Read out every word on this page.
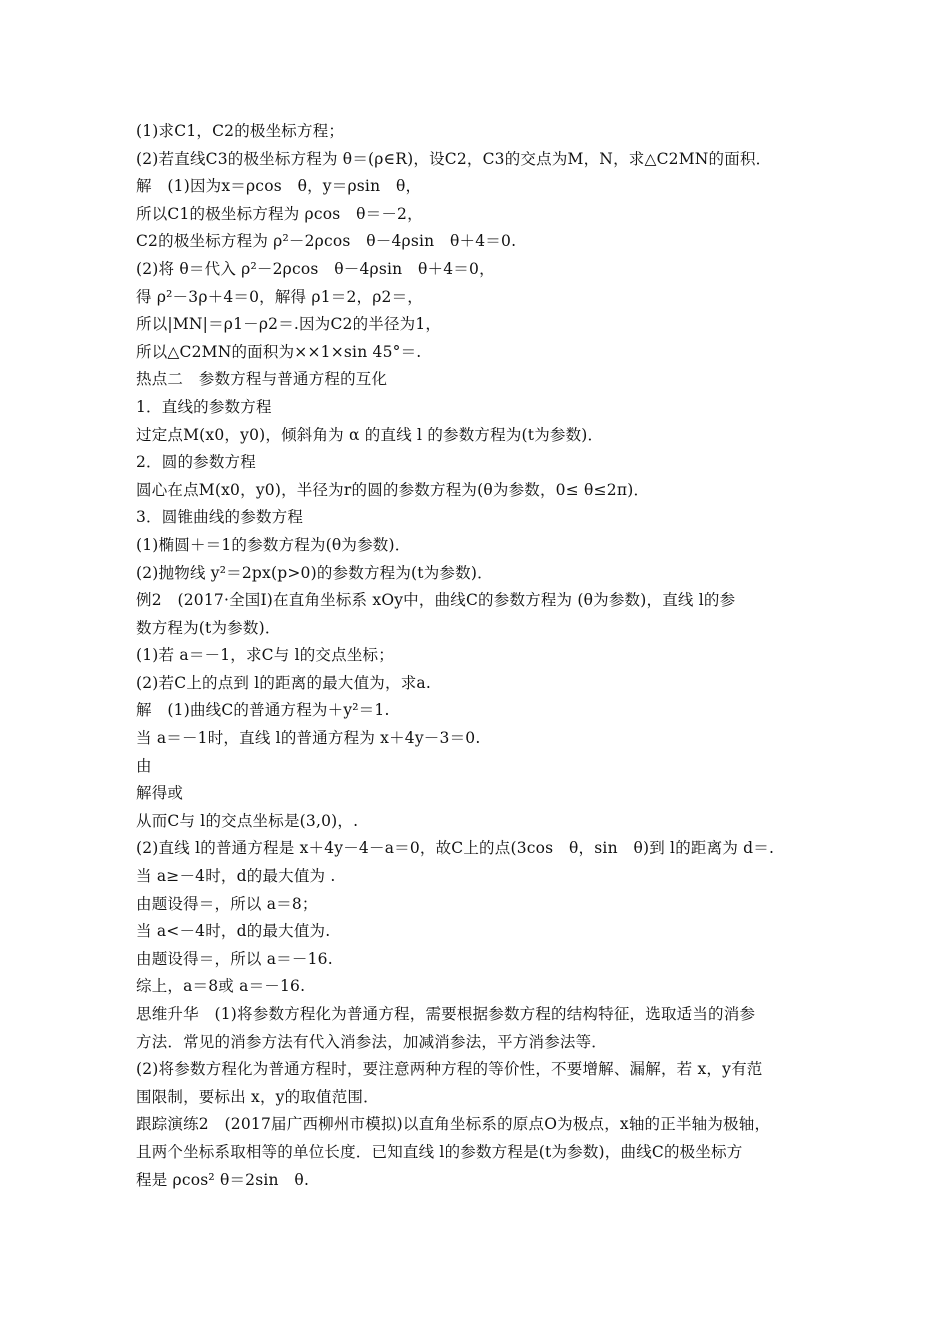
(1)求C1，C2的极坐标方程；
(2)若直线C3的极坐标方程为 θ＝(ρ∈R)，设C2，C3的交点为M，N，求△C2MN的面积．
解　(1)因为x＝ρcos　θ，y＝ρsin　θ，
所以C1的极坐标方程为 ρcos　θ＝－2，
C2的极坐标方程为 ρ²－2ρcos　θ－4ρsin　θ＋4＝0.
(2)将 θ＝代入 ρ²－2ρcos　θ－4ρsin　θ＋4＝0，
得 ρ²－3ρ＋4＝0，解得 ρ1＝2，ρ2＝，
所以|MN|＝ρ1－ρ2＝.因为C2的半径为1，
所以△C2MN的面积为××1×sin 45°＝.
热点二　参数方程与普通方程的互化
1．直线的参数方程
过定点M(x0，y0)，倾斜角为 α 的直线 l 的参数方程为(t为参数)．
2．圆的参数方程
圆心在点M(x0，y0)，半径为r的圆的参数方程为(θ为参数，0≤ θ≤2π)．
3．圆锥曲线的参数方程
(1)椭圆＋＝1的参数方程为(θ为参数)．
(2)抛物线 y²＝2px(p>0)的参数方程为(t为参数)．
例2　(2017·全国Ⅰ)在直角坐标系 xOy中，曲线C的参数方程为 (θ为参数)，直线 l的参
数方程为(t为参数)．
(1)若 a＝－1，求C与 l的交点坐标；
(2)若C上的点到 l的距离的最大值为，求a.
解　(1)曲线C的普通方程为＋y²＝1.
当 a＝－1时，直线 l的普通方程为 x＋4y－3＝0.
由
解得或
从而C与 l的交点坐标是(3,0)，.
(2)直线 l的普通方程是 x＋4y－4－a＝0，故C上的点(3cos　θ，sin　θ)到 l的距离为 d＝.
当 a≥－4时，d的最大值为 .
由题设得＝，所以 a＝8；
当 a<－4时，d的最大值为.
由题设得＝，所以 a＝－16.
综上，a＝8或 a＝－16.
思维升华　(1)将参数方程化为普通方程，需要根据参数方程的结构特征，选取适当的消参
方法．常见的消参方法有代入消参法，加减消参法，平方消参法等．
(2)将参数方程化为普通方程时，要注意两种方程的等价性，不要增解、漏解，若 x，y有范
围限制，要标出 x，y的取值范围．
跟踪演练2　(2017届广西柳州市模拟)以直角坐标系的原点O为极点，x轴的正半轴为极轴，
且两个坐标系取相等的单位长度．已知直线 l的参数方程是(t为参数)，曲线C的极坐标方
程是 ρcos² θ＝2sin　θ.
